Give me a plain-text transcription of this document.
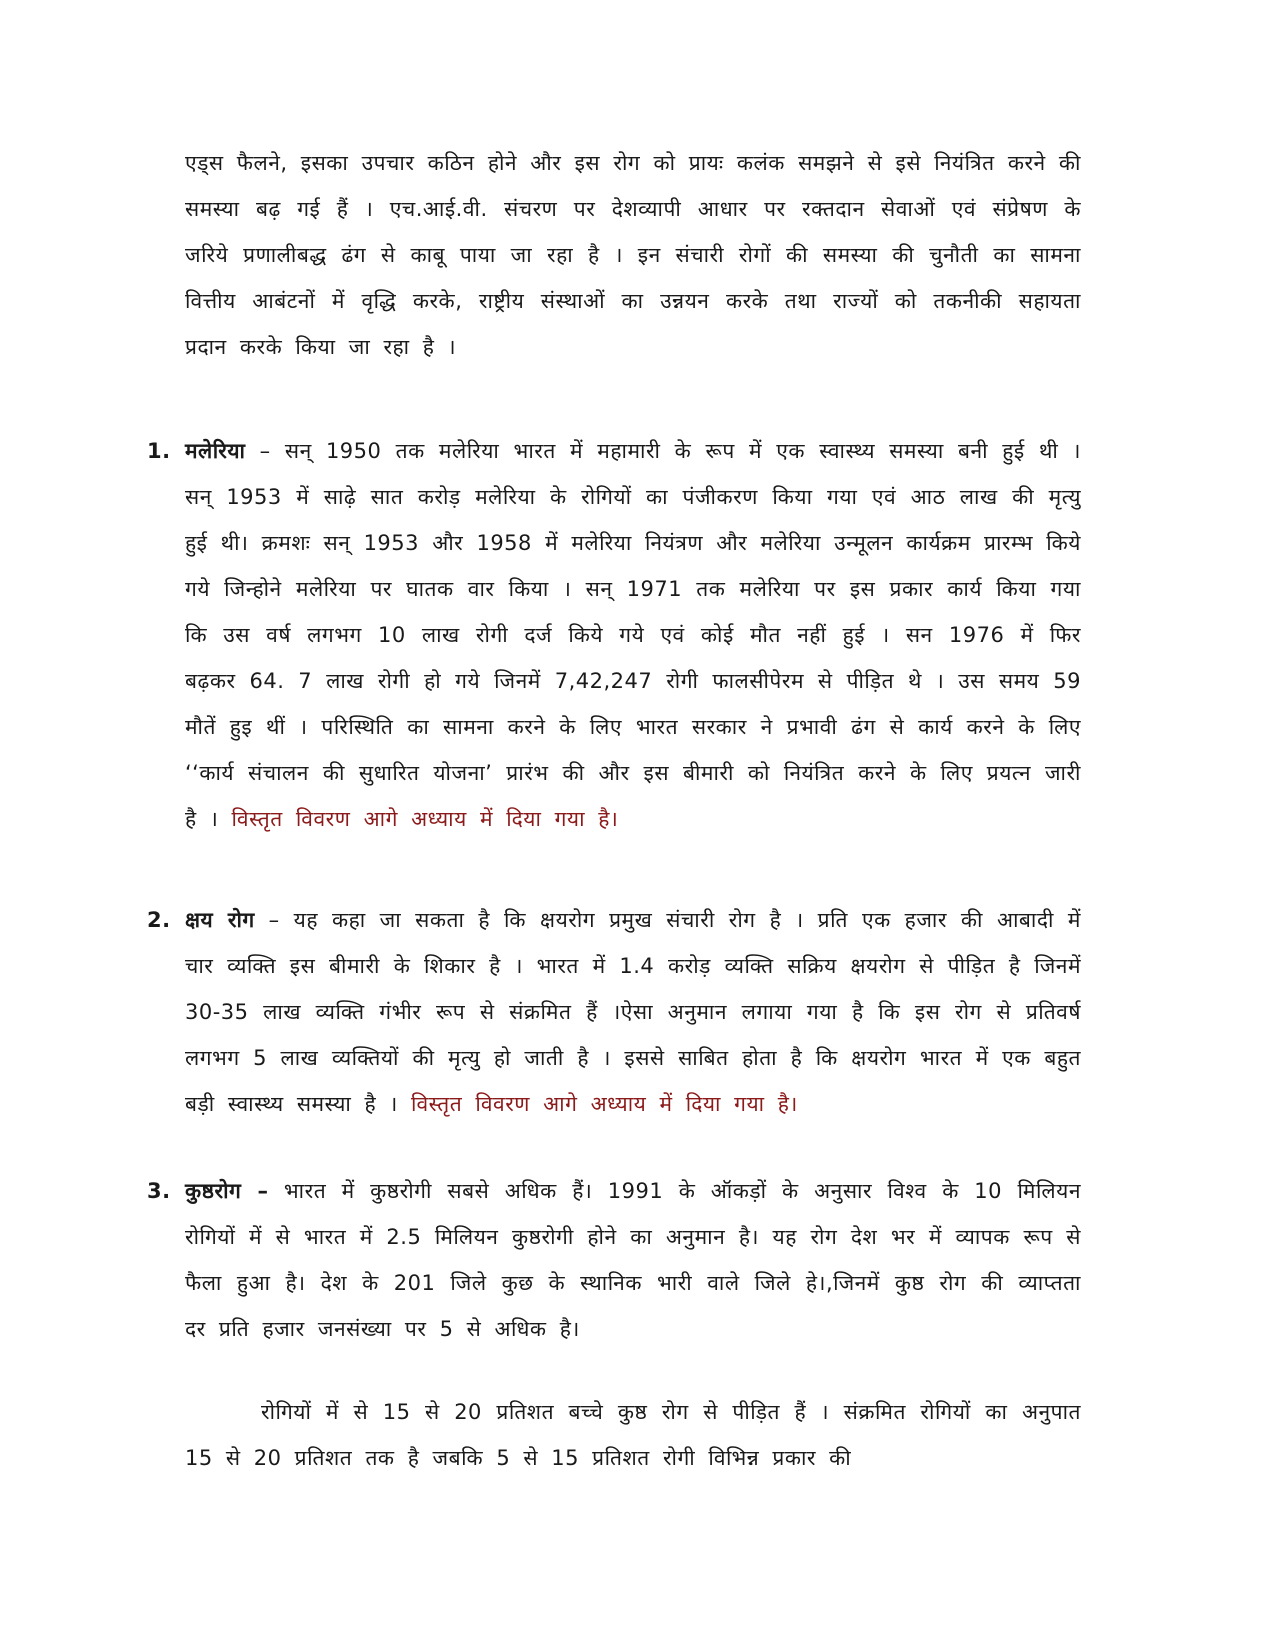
एड्स फैलने, इसका उपचार कठिन होने और इस रोग को प्रायः कलंक समझने से इसे नियंत्रित करने की समस्या बढ़ गई हैं । एच.आई.वी. संचरण पर देशव्यापी आधार पर रक्तदान सेवाओं एवं संप्रेषण के जरिये प्रणालीबद्ध ढंग से काबू पाया जा रहा है । इन संचारी रोगों की समस्या की चुनौती का सामना वित्तीय आबंटनों में वृद्धि करके, राष्ट्रीय संस्थाओं का उन्नयन करके तथा राज्यों को तकनीकी सहायता प्रदान करके किया जा रहा है ।

1. मलेरिया – सन् 1950 तक मलेरिया भारत में महामारी के रूप में एक स्वास्थ्य समस्या बनी हुई थी । सन् 1953 में साढ़े सात करोड़ मलेरिया के रोगियों का पंजीकरण किया गया एवं आठ लाख की मृत्यु हुई थी। क्रमशः सन् 1953 और 1958 में मलेरिया नियंत्रण और मलेरिया उन्मूलन कार्यक्रम प्रारम्भ किये गये जिन्होने मलेरिया पर घातक वार किया । सन् 1971 तक मलेरिया पर इस प्रकार कार्य किया गया कि उस वर्ष लगभग 10 लाख रोगी दर्ज किये गये एवं कोई मौत नहीं हुई । सन 1976 में फिर बढ़कर 64. 7 लाख रोगी हो गये जिनमें 7,42,247 रोगी फालसीपेरम से पीड़ित थे । उस समय 59 मौतें हुइ थीं । परिस्थिति का सामना करने के लिए भारत सरकार ने प्रभावी ढंग से कार्य करने के लिए ‘‘कार्य संचालन की सुधारित योजना’ प्रारंभ की और इस बीमारी को नियंत्रित करने के लिए प्रयत्न जारी है । विस्तृत विवरण आगे अध्याय में दिया गया है।
2. क्षय रोग – यह कहा जा सकता है कि क्षयरोग प्रमुख संचारी रोग है । प्रति एक हजार की आबादी में चार व्यक्ति इस बीमारी के शिकार है । भारत में 1.4 करोड़ व्यक्ति सक्रिय क्षयरोग से पीड़ित है जिनमें 30-35 लाख व्यक्ति गंभीर रूप से संक्रमित हैं ।ऐसा अनुमान लगाया गया है कि इस रोग से प्रतिवर्ष लगभग 5 लाख व्यक्तियों की मृत्यु हो जाती है । इससे साबित होता है कि क्षयरोग भारत में एक बहुत बड़ी स्वास्थ्य समस्या है । विस्तृत विवरण आगे अध्याय में दिया गया है।
3. कुष्ठरोग – भारत में कुष्ठरोगी सबसे अधिक हैं। 1991 के ऑकड़ों के अनुसार विश्व के 10 मिलियन रोगियों में से भारत में 2.5 मिलियन कुष्ठरोगी होने का अनुमान है। यह रोग देश भर में व्यापक रूप से फैला हुआ है। देश के 201 जिले कुछ के स्थानिक भारी वाले जिले हे।,जिनमें कुष्ठ रोग की व्याप्तता दर प्रति हजार जनसंख्या पर 5 से अधिक है।

रोगियों में से 15 से 20 प्रतिशत बच्चे कुष्ठ रोग से पीड़ित हैं । संक्रमित रोगियों का अनुपात 15 से 20 प्रतिशत तक है जबकि 5 से 15 प्रतिशत रोगी विभिन्न प्रकार की
